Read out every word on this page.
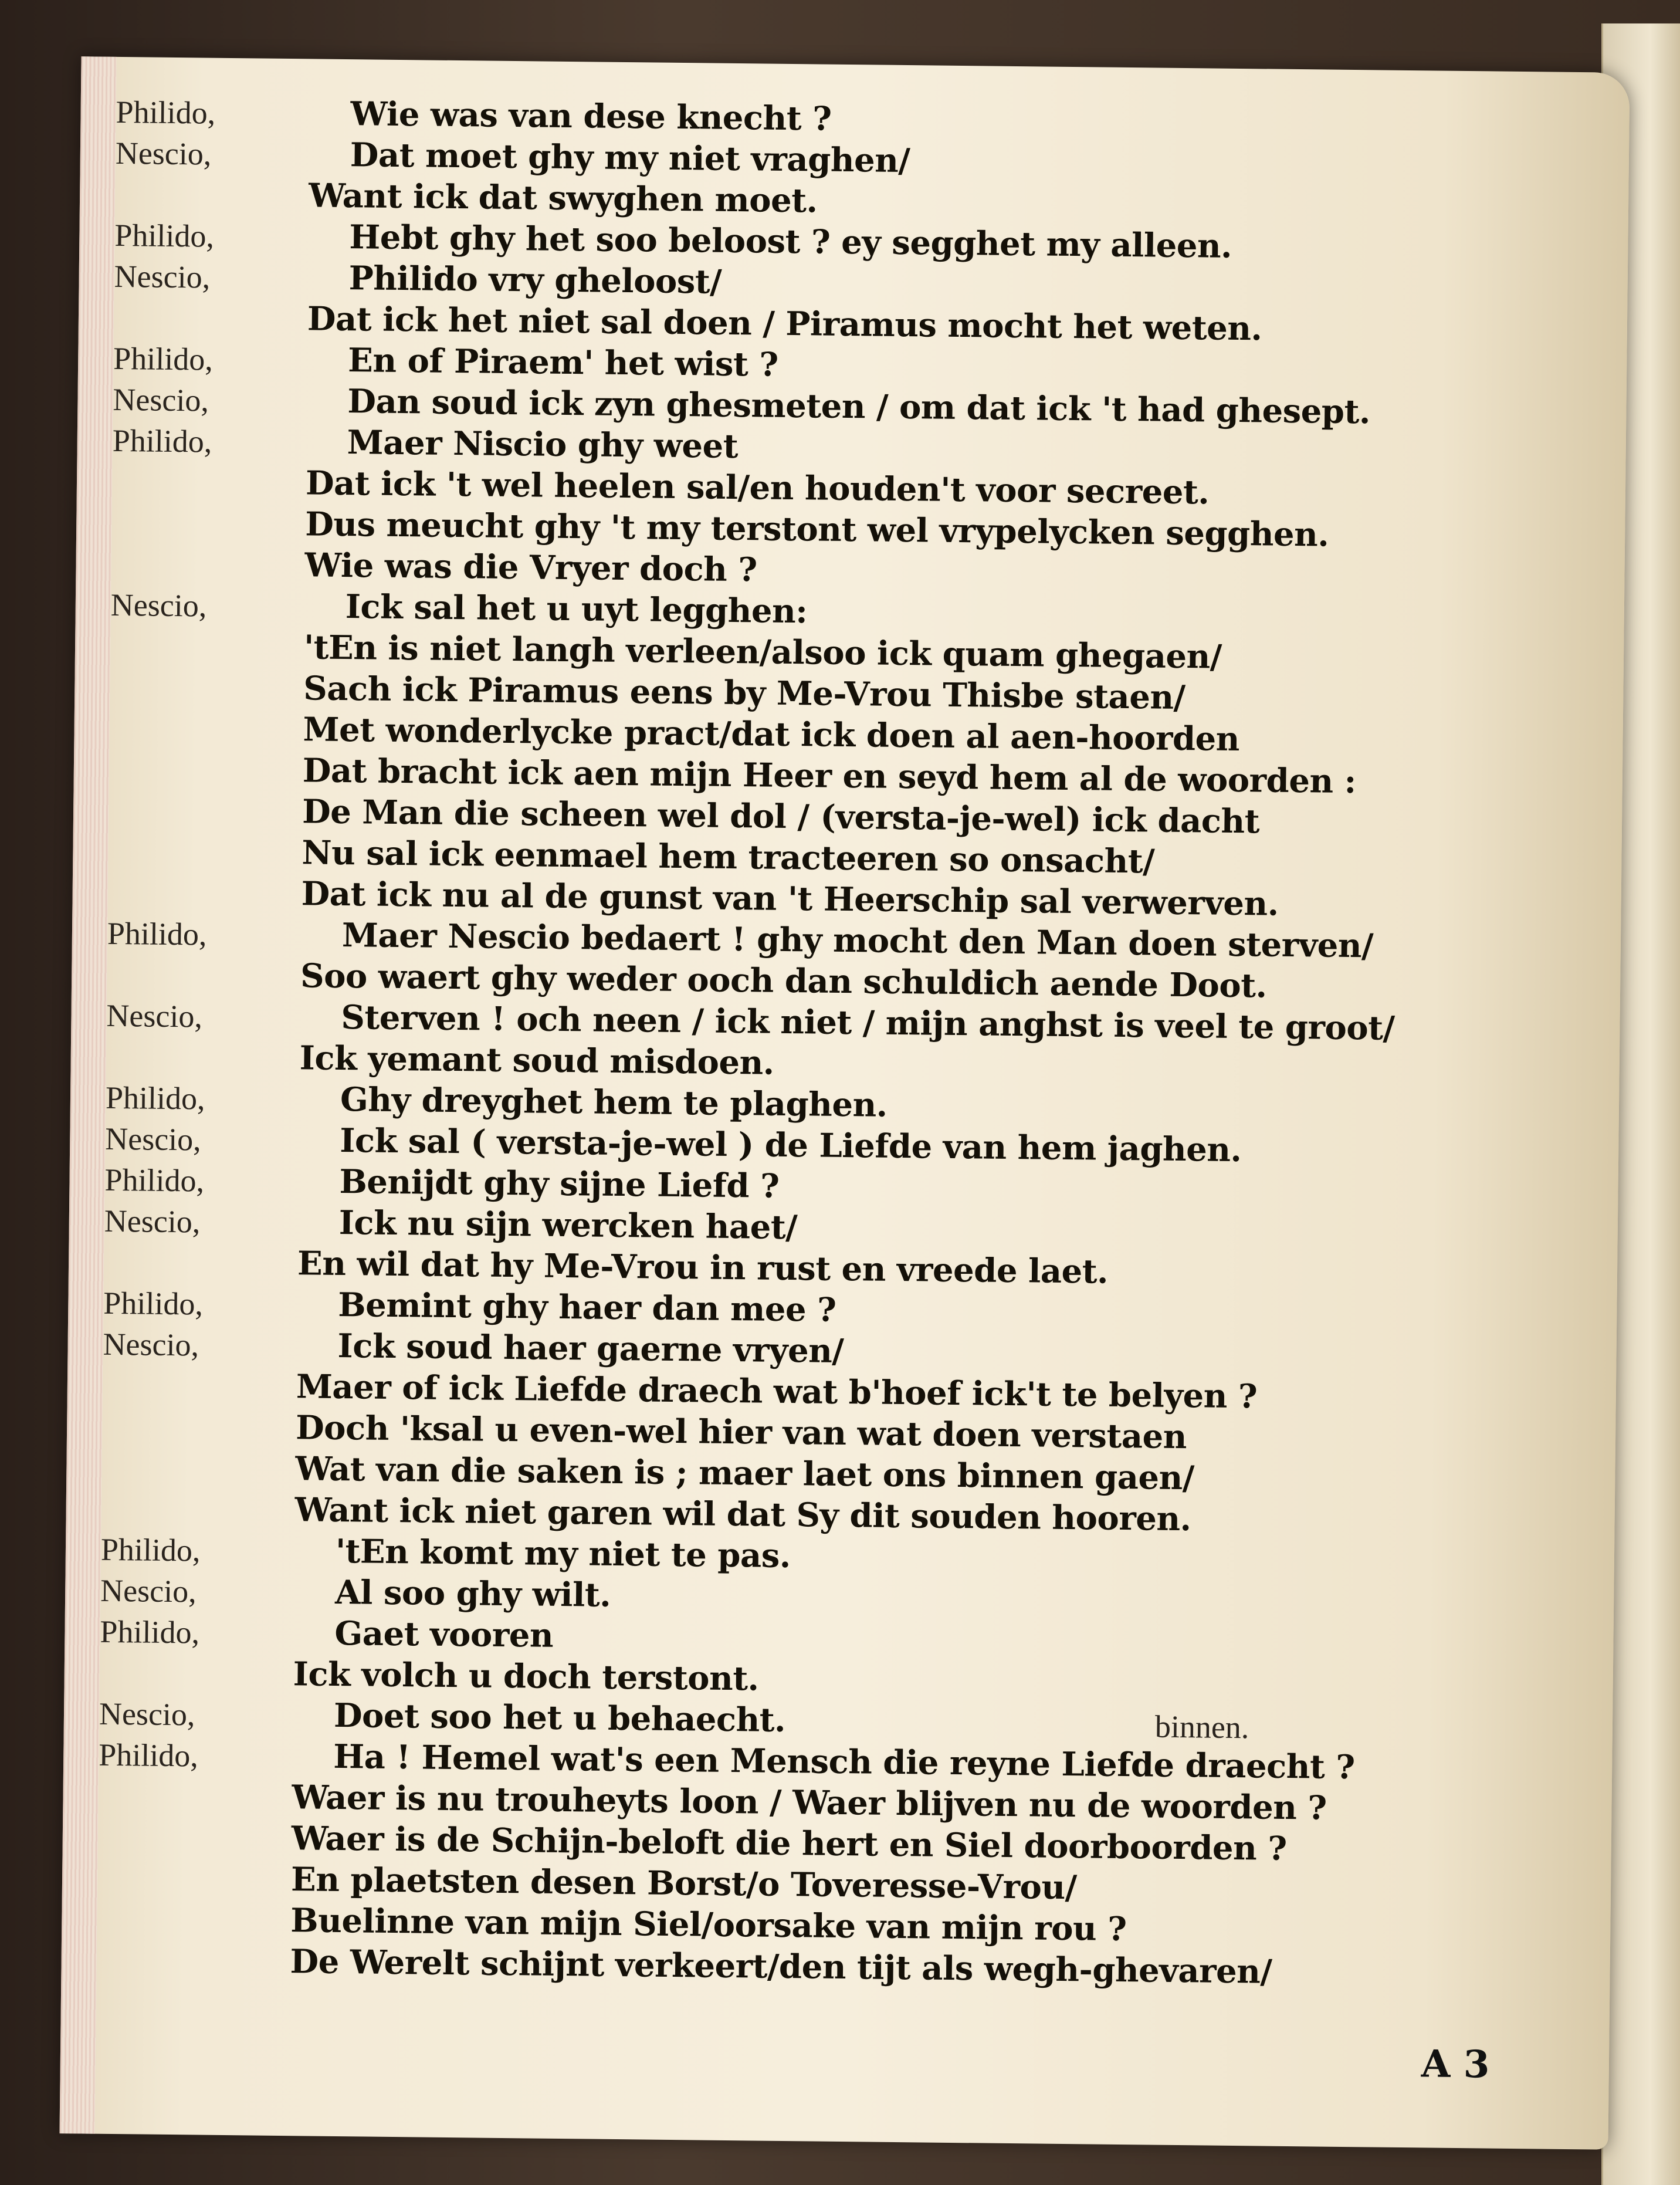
Philido,	Wie was van dese knecht ?
Nescio,	Dat moet ghy my niet vraghen/
Want ick dat swyghen moet.
Philido,	Hebt ghy het soo beloost ? ey segghet my alleen.
Nescio,	Philido vry gheloost/
Dat ick het niet sal doen / Piramus mocht het weten.
Philido,	En of Piraem' het wist ?
Nescio,	Dan soud ick zyn ghesmeten / om dat ick 't had ghesept.
Philido,	Maer Niscio ghy weet
Dat ick 't wel heelen sal/en houden't voor secreet.
Dus meucht ghy 't my terstont wel vrypelycken segghen.
Wie was die Vryer doch ?
Nescio,	Ick sal het u uyt legghen:
'tEn is niet langh verleen/alsoo ick quam ghegaen/
Sach ick Piramus eens by Me-Vrou Thisbe staen/
Met wonderlycke pract/dat ick doen al aen-hoorden
Dat bracht ick aen mijn Heer en seyd hem al de woorden :
De Man die scheen wel dol / (versta-je-wel) ick dacht
Nu sal ick eenmael hem tracteeren so onsacht/
Dat ick nu al de gunst van 't Heerschip sal verwerven.
Philido,	Maer Nescio bedaert ! ghy mocht den Man doen sterven/
Soo waert ghy weder ooch dan schuldich aende Doot.
Nescio,	Sterven ! och neen / ick niet / mijn anghst is veel te groot/
Ick yemant soud misdoen.
Philido,	Ghy dreyghet hem te plaghen.
Nescio,	Ick sal ( versta-je-wel ) de Liefde van hem jaghen.
Philido,	Benijdt ghy sijne Liefd ?
Nescio,	Ick nu sijn wercken haet/
En wil dat hy Me-Vrou in rust en vreede laet.
Philido,	Bemint ghy haer dan mee ?
Nescio,	Ick soud haer gaerne vryen/
Maer of ick Liefde draech wat b'hoef ick't te belyen ?
Doch 'ksal u even-wel hier van wat doen verstaen
Wat van die saken is ; maer laet ons binnen gaen/
Want ick niet garen wil dat Sy dit souden hooren.
Philido,	'tEn komt my niet te pas.
Nescio,	Al soo ghy wilt.
Philido,	Gaet vooren
Ick volch u doch terstont.
Nescio,	Doet soo het u behaecht.
Philido,	Ha ! Hemel wat's een Mensch die reyne Liefde draecht ?
binnen.
Waer is nu trouheyts loon / Waer blijven nu de woorden ?
Waer is de Schijn-beloft die hert en Siel doorboorden ?
En plaetsten desen Borst/o Toveresse-Vrou/
Buelinne van mijn Siel/oorsake van mijn rou ?
De Werelt schijnt verkeert/den tijt als wegh-ghevaren/
A 3
